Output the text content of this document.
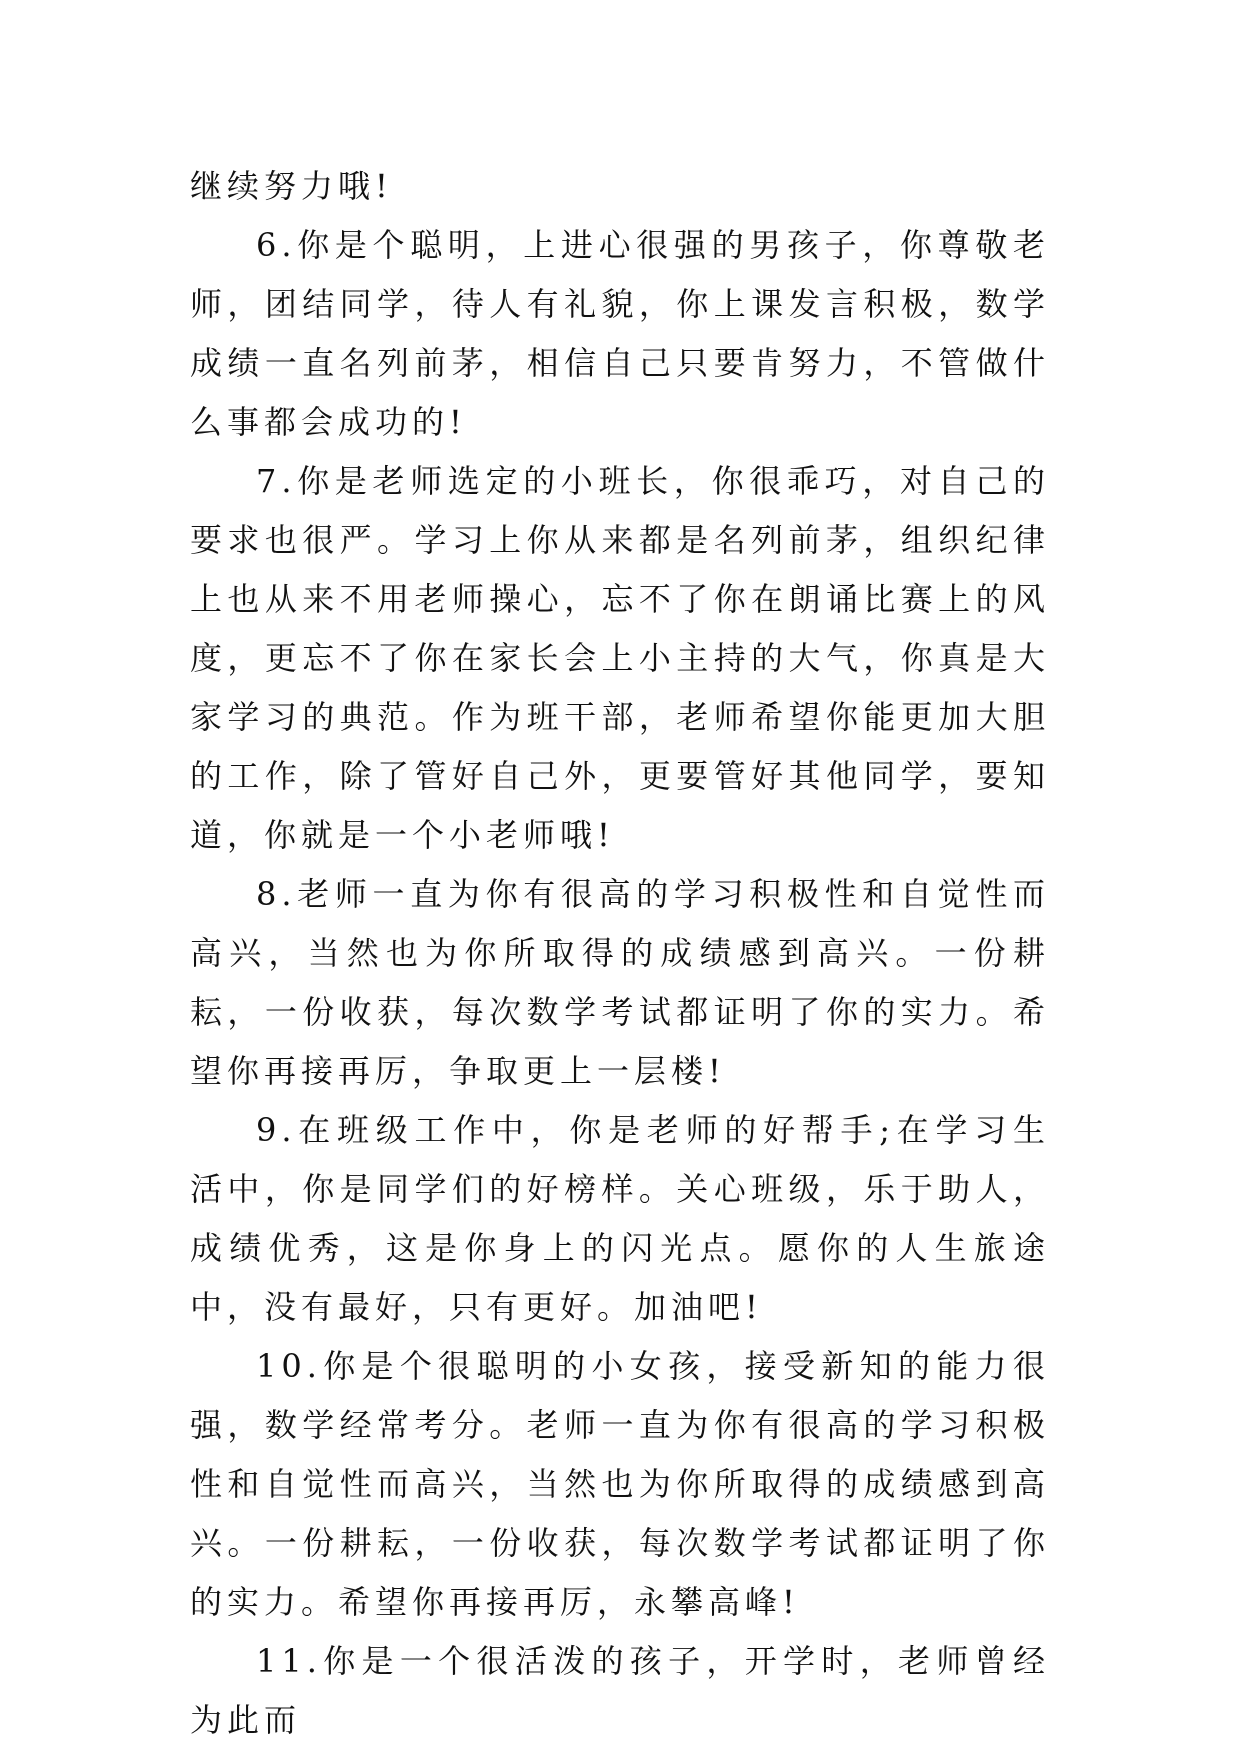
继续努力哦!

6.你是个聪明，上进心很强的男孩子，你尊敬老师，团结同学，待人有礼貌，你上课发言积极，数学成绩一直名列前茅，相信自己只要肯努力，不管做什么事都会成功的!

7.你是老师选定的小班长，你很乖巧，对自己的要求也很严。学习上你从来都是名列前茅，组织纪律上也从来不用老师操心，忘不了你在朗诵比赛上的风度，更忘不了你在家长会上小主持的大气，你真是大家学习的典范。作为班干部，老师希望你能更加大胆的工作，除了管好自己外，更要管好其他同学，要知道，你就是一个小老师哦!

8.老师一直为你有很高的学习积极性和自觉性而高兴，当然也为你所取得的成绩感到高兴。一份耕耘，一份收获，每次数学考试都证明了你的实力。希望你再接再厉，争取更上一层楼!

9.在班级工作中，你是老师的好帮手;在学习生活中，你是同学们的好榜样。关心班级，乐于助人，成绩优秀，这是你身上的闪光点。愿你的人生旅途中，没有最好，只有更好。加油吧!

10.你是个很聪明的小女孩，接受新知的能力很强，数学经常考分。老师一直为你有很高的学习积极性和自觉性而高兴，当然也为你所取得的成绩感到高兴。一份耕耘，一份收获，每次数学考试都证明了你的实力。希望你再接再厉，永攀高峰!

11.你是一个很活泼的孩子，开学时，老师曾经为此而
